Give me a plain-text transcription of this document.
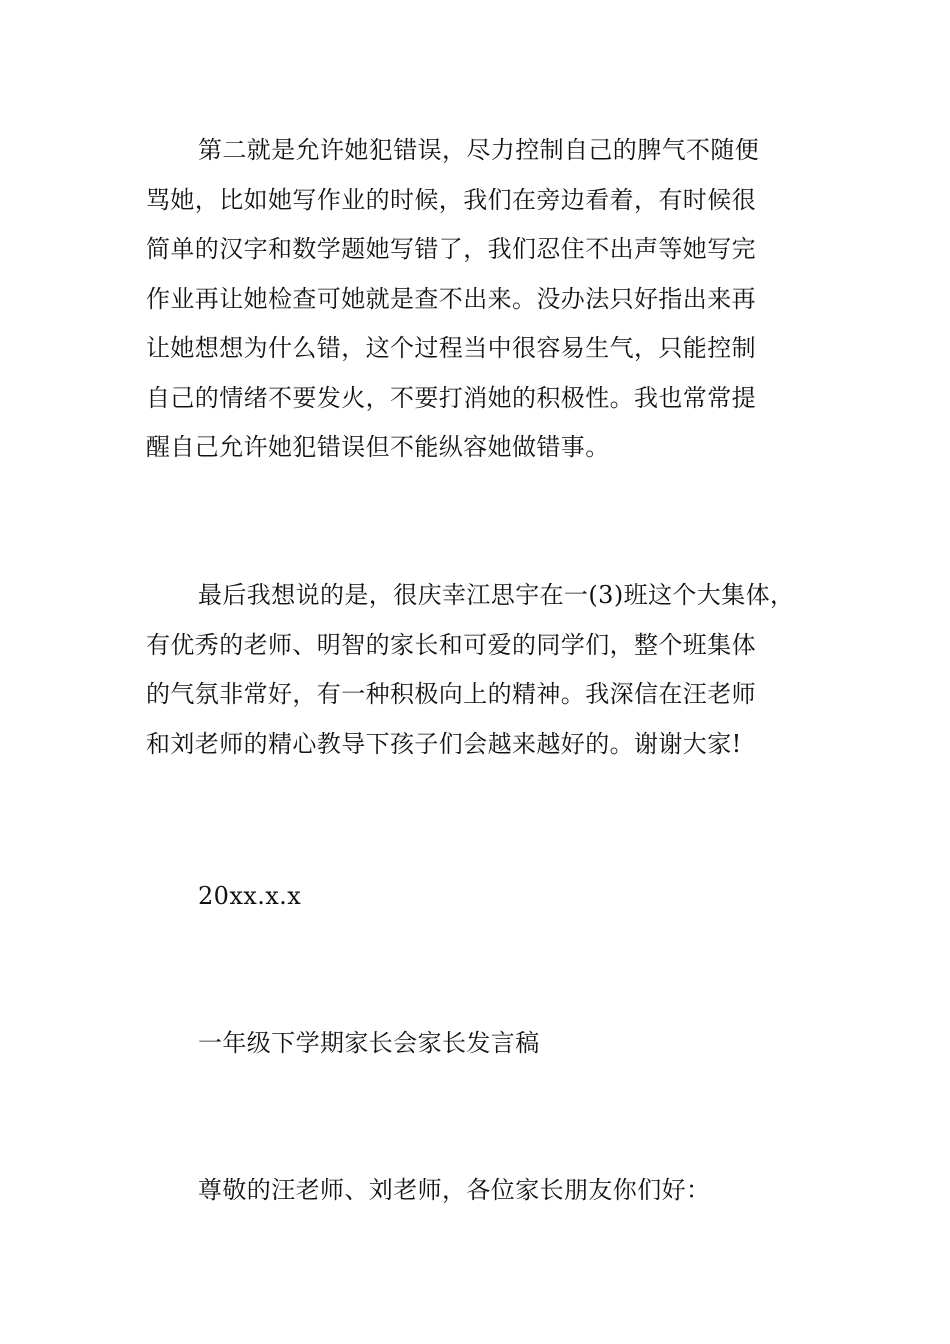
第二就是允许她犯错误，尽力控制自己的脾气不随便
骂她，比如她写作业的时候，我们在旁边看着，有时候很
简单的汉字和数学题她写错了，我们忍住不出声等她写完
作业再让她检查可她就是查不出来。没办法只好指出来再
让她想想为什么错，这个过程当中很容易生气，只能控制
自己的情绪不要发火，不要打消她的积极性。我也常常提
醒自己允许她犯错误但不能纵容她做错事。
最后我想说的是，很庆幸江思宇在一(3)班这个大集体，
有优秀的老师、明智的家长和可爱的同学们，整个班集体
的气氛非常好，有一种积极向上的精神。我深信在汪老师
和刘老师的精心教导下孩子们会越来越好的。谢谢大家!
20xx.x.x
一年级下学期家长会家长发言稿
尊敬的汪老师、刘老师，各位家长朋友你们好：
